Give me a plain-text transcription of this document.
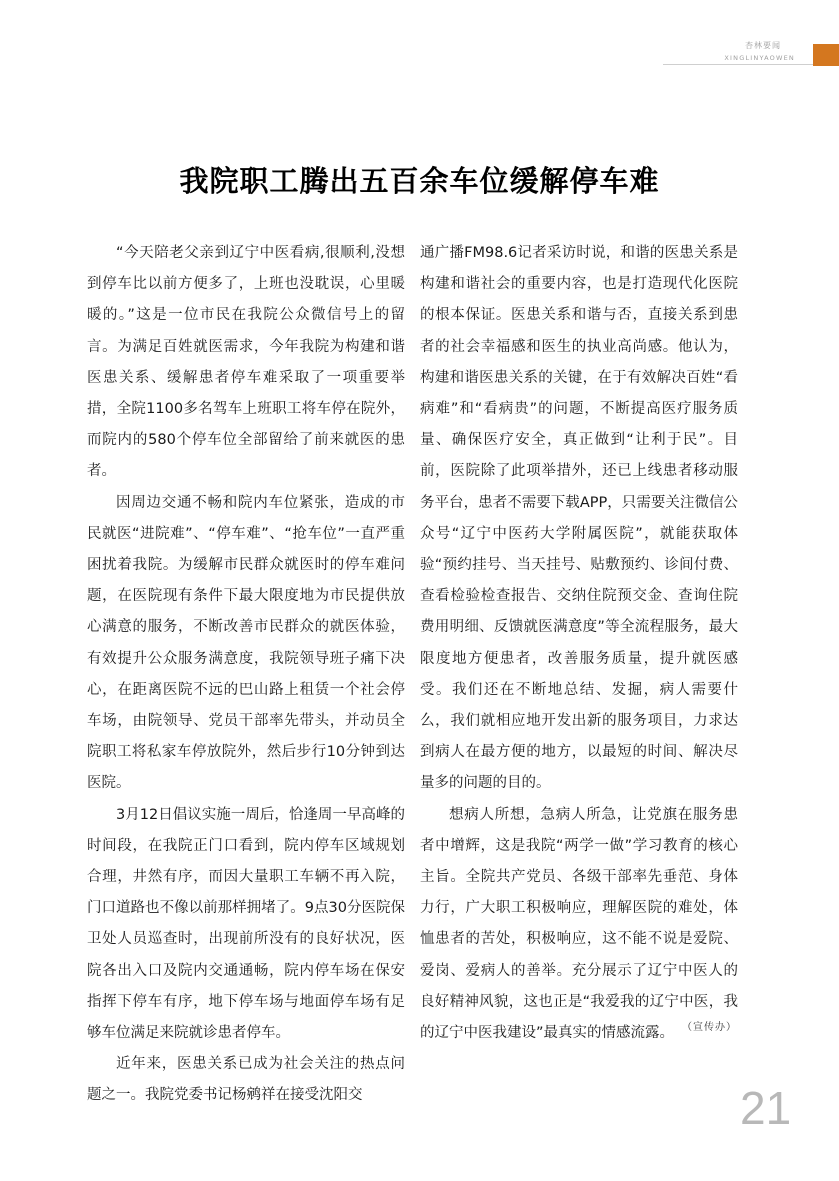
杏林要闻
XINGLINYAOWEN
我院职工腾出五百余车位缓解停车难

“今天陪老父亲到辽宁中医看病,很顺利,没想到停车比以前方便多了，上班也没耽误，心里暖暖的。”这是一位市民在我院公众微信号上的留言。为满足百姓就医需求，今年我院为构建和谐医患关系、缓解患者停车难采取了一项重要举措，全院1100多名驾车上班职工将车停在院外，而院内的580个停车位全部留给了前来就医的患者。

因周边交通不畅和院内车位紧张，造成的市民就医“进院难”、“停车难”、“抢车位”一直严重困扰着我院。为缓解市民群众就医时的停车难问题，在医院现有条件下最大限度地为市民提供放心满意的服务，不断改善市民群众的就医体验，有效提升公众服务满意度，我院领导班子痛下决心，在距离医院不远的巴山路上租赁一个社会停车场，由院领导、党员干部率先带头，并动员全院职工将私家车停放院外，然后步行10分钟到达医院。

3月12日倡议实施一周后，恰逢周一早高峰的时间段，在我院正门口看到，院内停车区域规划合理，井然有序，而因大量职工车辆不再入院，门口道路也不像以前那样拥堵了。9点30分医院保卫处人员巡查时，出现前所没有的良好状况，医院各出入口及院内交通通畅，院内停车场在保安指挥下停车有序，地下停车场与地面停车场有足够车位满足来院就诊患者停车。

近年来，医患关系已成为社会关注的热点问题之一。我院党委书记杨鹓祥在接受沈阳交

通广播FM98.6记者采访时说，和谐的医患关系是构建和谐社会的重要内容，也是打造现代化医院的根本保证。医患关系和谐与否，直接关系到患者的社会幸福感和医生的执业高尚感。他认为，构建和谐医患关系的关键，在于有效解决百姓“看病难”和“看病贵”的问题，不断提高医疗服务质量、确保医疗安全，真正做到“让利于民”。目前，医院除了此项举措外，还已上线患者移动服务平台，患者不需要下载APP，只需要关注微信公众号“辽宁中医药大学附属医院”，就能获取体验“预约挂号、当天挂号、贴敷预约、诊间付费、查看检验检查报告、交纳住院预交金、查询住院费用明细、反馈就医满意度”等全流程服务，最大限度地方便患者，改善服务质量，提升就医感受。我们还在不断地总结、发掘，病人需要什么，我们就相应地开发出新的服务项目，力求达到病人在最方便的地方，以最短的时间、解决尽量多的问题的目的。

想病人所想，急病人所急，让党旗在服务患者中增辉，这是我院“两学一做”学习教育的核心主旨。全院共产党员、各级干部率先垂范、身体力行，广大职工积极响应，理解医院的难处，体恤患者的苦处，积极响应，这不能不说是爱院、爱岗、爱病人的善举。充分展示了辽宁中医人的良好精神风貌，这也正是“我爱我的辽宁中医，我的辽宁中医我建设”最真实的情感流露。 （宣传办）
21
